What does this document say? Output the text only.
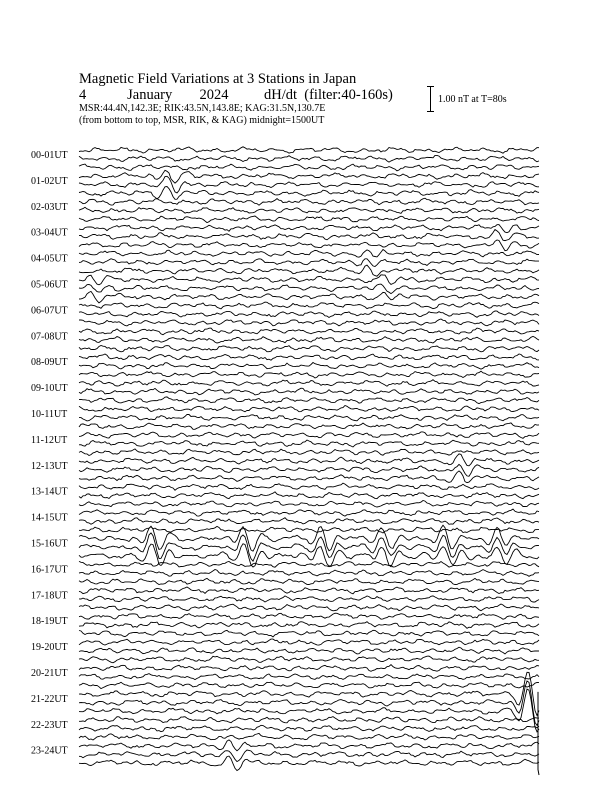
Magnetic Field Variations at 3 Stations in Japan
4   January  2024 dH/dt  (filter:40-160s)
MSR:44.4N,142.3E; RIK:43.5N,143.8E; KAG:31.5N,130.7E
(from bottom to top, MSR, RIK, & KAG) midnight=1500UT
1.00 nT at T=80s
00-01UT
01-02UT
02-03UT
03-04UT
04-05UT
05-06UT
06-07UT
07-08UT
08-09UT
09-10UT
10-11UT
11-12UT
12-13UT
13-14UT
14-15UT
15-16UT
16-17UT
17-18UT
18-19UT
19-20UT
20-21UT
21-22UT
22-23UT
23-24UT
